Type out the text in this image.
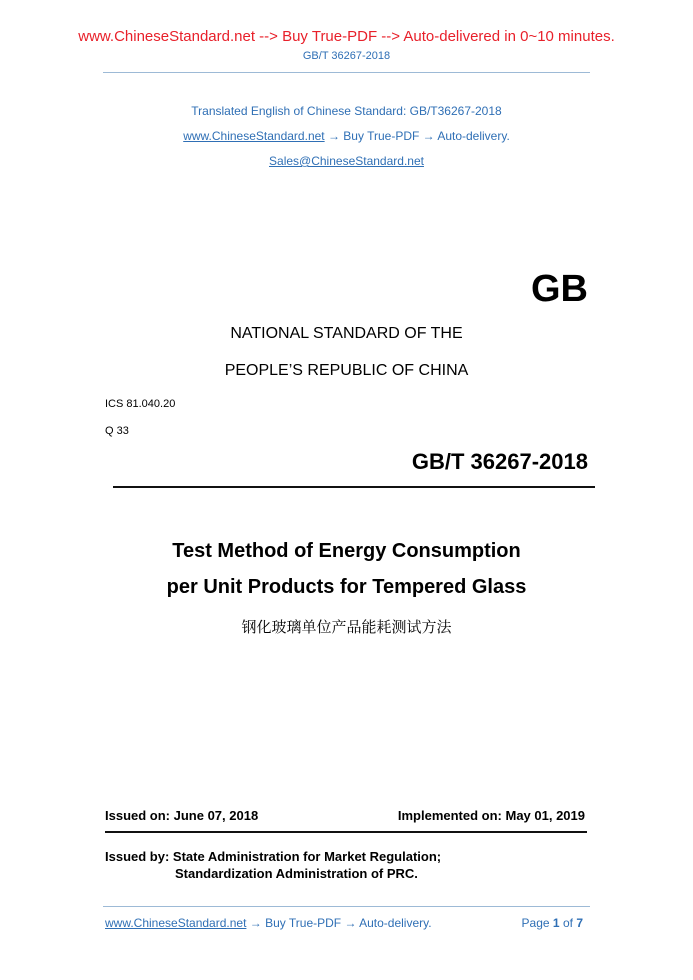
www.ChineseStandard.net --> Buy True-PDF --> Auto-delivered in 0~10 minutes.
GB/T 36267-2018
Translated English of Chinese Standard: GB/T36267-2018
www.ChineseStandard.net → Buy True-PDF → Auto-delivery.
Sales@ChineseStandard.net
GB
NATIONAL STANDARD OF THE
PEOPLE’S REPUBLIC OF CHINA
ICS 81.040.20
Q 33
GB/T 36267-2018
Test Method of Energy Consumption
per Unit Products for Tempered Glass
钢化玻璃单位产品能耗测试方法
Issued on: June 07, 2018	Implemented on: May 01, 2019
Issued by: State Administration for Market Regulation;
Standardization Administration of PRC.
www.ChineseStandard.net → Buy True-PDF → Auto-delivery.	Page 1 of 7
